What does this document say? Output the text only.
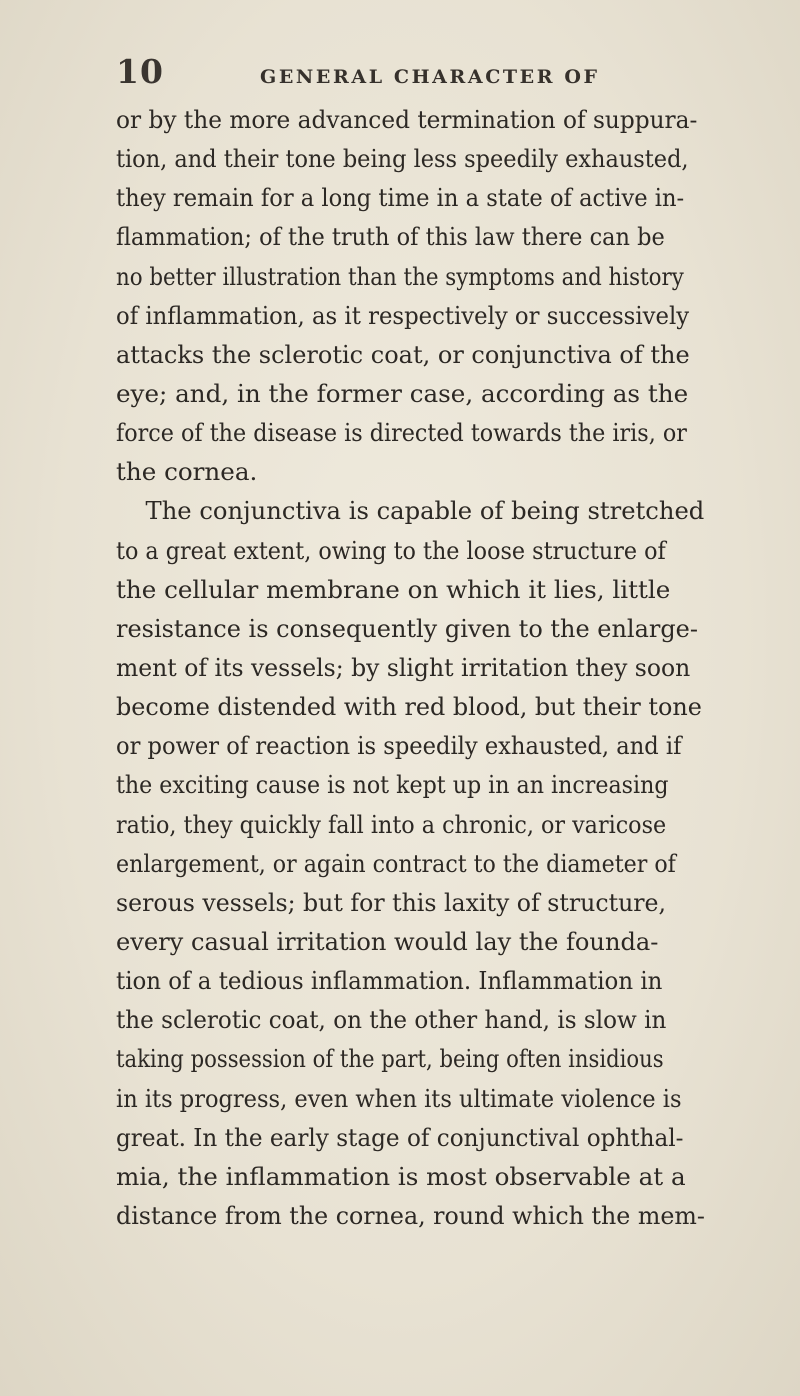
10	GENERAL CHARACTER OF
or by the more advanced termination of suppura-
tion, and their tone being less speedily exhausted,
they remain for a long time in a state of active in-
flammation; of the truth of this law there can be
no better illustration than the symptoms and history
of inflammation, as it respectively or successively
attacks the sclerotic coat, or conjunctiva of the
eye; and, in the former case, according as the
force of the disease is directed towards the iris, or
the cornea.
The conjunctiva is capable of being stretched
to a great extent, owing to the loose structure of
the cellular membrane on which it lies, little
resistance is consequently given to the enlarge-
ment of its vessels; by slight irritation they soon
become distended with red blood, but their tone
or power of reaction is speedily exhausted, and if
the exciting cause is not kept up in an increasing
ratio, they quickly fall into a chronic, or varicose
enlargement, or again contract to the diameter of
serous vessels; but for this laxity of structure,
every casual irritation would lay the founda-
tion of a tedious inflammation. Inflammation in
the sclerotic coat, on the other hand, is slow in
taking possession of the part, being often insidious
in its progress, even when its ultimate violence is
great. In the early stage of conjunctival ophthal-
mia, the inflammation is most observable at a
distance from the cornea, round which the mem-
